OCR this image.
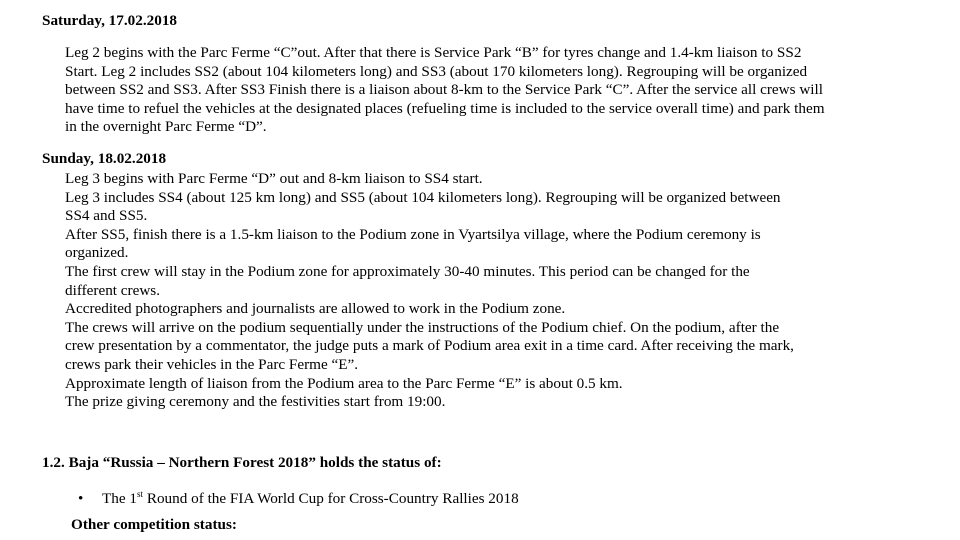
Saturday, 17.02.2018
Leg 2 begins with the Parc Ferme “C”out. After that there is Service Park “B” for tyres change and 1.4-km liaison to SS2
Start. Leg 2 includes SS2 (about 104 kilometers long) and SS3 (about 170 kilometers long). Regrouping will be organized
between SS2 and SS3. After SS3 Finish there is a liaison about 8-km to the Service Park “C”. After the service all crews will
have time to refuel the vehicles at the designated places (refueling time is included to the service overall time) and park them
in the overnight Parc Ferme “D”.
Sunday, 18.02.2018
Leg 3 begins with Parc Ferme “D” out and 8-km liaison to SS4 start.
Leg 3 includes SS4 (about 125 km long) and SS5 (about 104 kilometers long). Regrouping will be organized between
SS4 and SS5.
After SS5, finish there is a 1.5-km liaison to the Podium zone in Vyartsilya village, where the Podium ceremony is
organized.
The first crew will stay in the Podium zone for approximately 30-40 minutes. This period can be changed for the
different crews.
Accredited photographers and journalists are allowed to work in the Podium zone.
The crews will arrive on the podium sequentially under the instructions of the Podium chief. On the podium, after the
crew presentation by a commentator, the judge puts a mark of Podium area exit in a time card. After receiving the mark,
crews park their vehicles in the Parc Ferme “E”.
Approximate length of liaison from the Podium area to the Parc Ferme “E” is about 0.5 km.
The prize giving ceremony and the festivities start from 19:00.
1.2. Baja “Russia – Northern Forest 2018” holds the status of:
• The 1st Round of the FIA World Cup for Cross-Country Rallies 2018
Other competition status:
